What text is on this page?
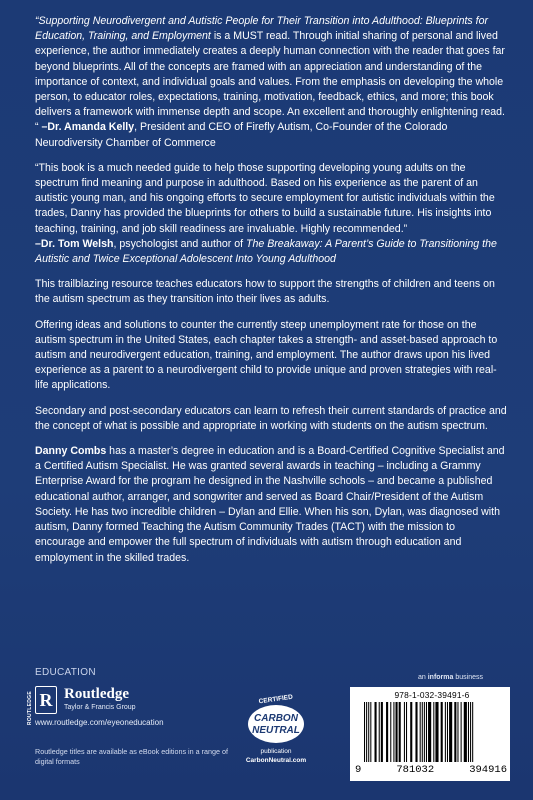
“Supporting Neurodivergent and Autistic People for Their Transition into Adulthood: Blueprints for Education, Training, and Employment is a MUST read. Through initial sharing of personal and lived experience, the author immediately creates a deeply human connection with the reader that goes far beyond blueprints. All of the concepts are framed with an appreciation and understanding of the importance of context, and individual goals and values. From the emphasis on developing the whole person, to educator roles, expectations, training, motivation, feedback, ethics, and more; this book delivers a framework with immense depth and scope. An excellent and thoroughly enlightening read. “ –Dr. Amanda Kelly, President and CEO of Firefly Autism, Co-Founder of the Colorado Neurodiversity Chamber of Commerce

“This book is a much needed guide to help those supporting developing young adults on the spectrum find meaning and purpose in adulthood. Based on his experience as the parent of an autistic young man, and his ongoing efforts to secure employment for autistic individuals within the trades, Danny has provided the blueprints for others to build a sustainable future. His insights into teaching, training, and job skill readiness are invaluable. Highly recommended.”
–Dr. Tom Welsh, psychologist and author of The Breakaway: A Parent’s Guide to Transitioning the Autistic and Twice Exceptional Adolescent Into Young Adulthood

This trailblazing resource teaches educators how to support the strengths of children and teens on the autism spectrum as they transition into their lives as adults.

Offering ideas and solutions to counter the currently steep unemployment rate for those on the autism spectrum in the United States, each chapter takes a strength- and asset-based approach to autism and neurodivergent education, training, and employment. The author draws upon his lived experience as a parent to a neurodivergent child to provide unique and proven strategies with real-life applications.

Secondary and post-secondary educators can learn to refresh their current standards of practice and the concept of what is possible and appropriate in working with students on the autism spectrum.

Danny Combs has a master’s degree in education and is a Board-Certified Cognitive Specialist and a Certified Autism Specialist. He was granted several awards in teaching – including a Grammy Enterprise Award for the program he designed in the Nashville schools – and became a published educational author, arranger, and songwriter and served as Board Chair/President of the Autism Society. He has two incredible children – Dylan and Ellie. When his son, Dylan, was diagnosed with autism, Danny formed Teaching the Autism Community Trades (TACT) with the mission to encourage and empower the full spectrum of individuals with autism through education and employment in the skilled trades.

EDUCATION	an informa business
ROUTLEDGE R Routledge
Taylor & Francis Group
www.routledge.com/eyeoneducation
Routledge titles are available as eBook editions in a range of digital formats
CERTIFIED
CARBON
NEUTRAL
publication
CarbonNeutral.com
978-1-032-39491-6
9	781032	394916
